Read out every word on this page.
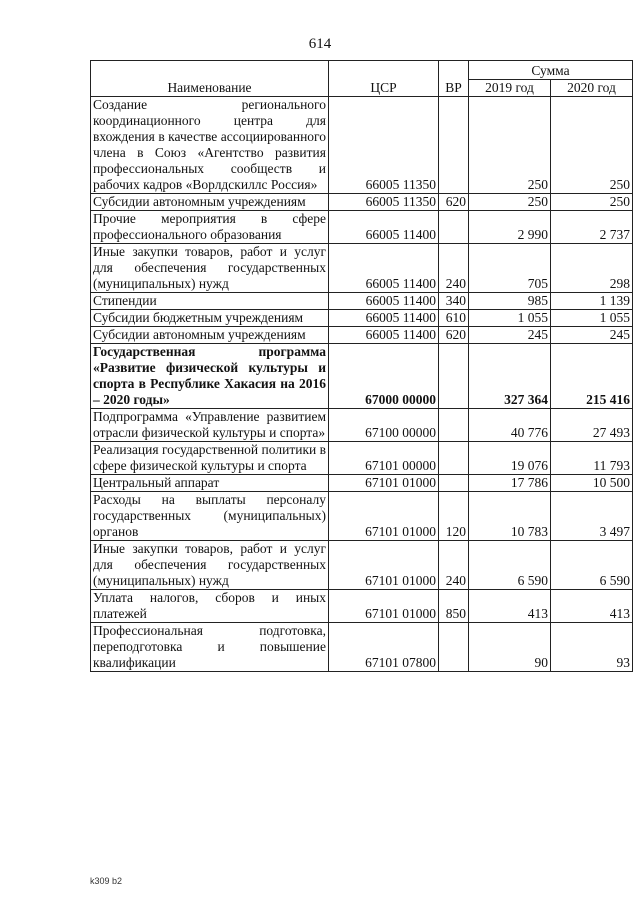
614
Наименование	ЦСР	ВР	Сумма	
			2019 год	2020 год
Создание регионального координационного центра для вхождения в качестве ассоциированного члена в Союз «Агентство развития профессиональных сообществ и рабочих кадров «Ворлдскиллс Россия»	66005 11350		250	250
Субсидии автономным учреждениям	66005 11350	620	250	250
Прочие мероприятия в сфере профессионального образования	66005 11400		2 990	2 737
Иные закупки товаров, работ и услуг для обеспечения государственных (муниципальных) нужд	66005 11400	240	705	298
Стипендии	66005 11400	340	985	1 139
Субсидии бюджетным учреждениям	66005 11400	610	1 055	1 055
Субсидии автономным учреждениям	66005 11400	620	245	245
Государственная программа «Развитие физической культуры и спорта в Республике Хакасия на 2016 – 2020 годы»	67000 00000		327 364	215 416
Подпрограмма «Управление развитием отрасли физической культуры и спорта»	67100 00000		40 776	27 493
Реализация государственной политики в сфере физической культуры и спорта	67101 00000		19 076	11 793
Центральный аппарат	67101 01000		17 786	10 500
Расходы на выплаты персоналу государственных (муниципальных) органов	67101 01000	120	10 783	3 497
Иные закупки товаров, работ и услуг для обеспечения государственных (муниципальных) нужд	67101 01000	240	6 590	6 590
Уплата налогов, сборов и иных платежей	67101 01000	850	413	413
Профессиональная подготовка, переподготовка и повышение квалификации	67101 07800		90	93
k309 b2
